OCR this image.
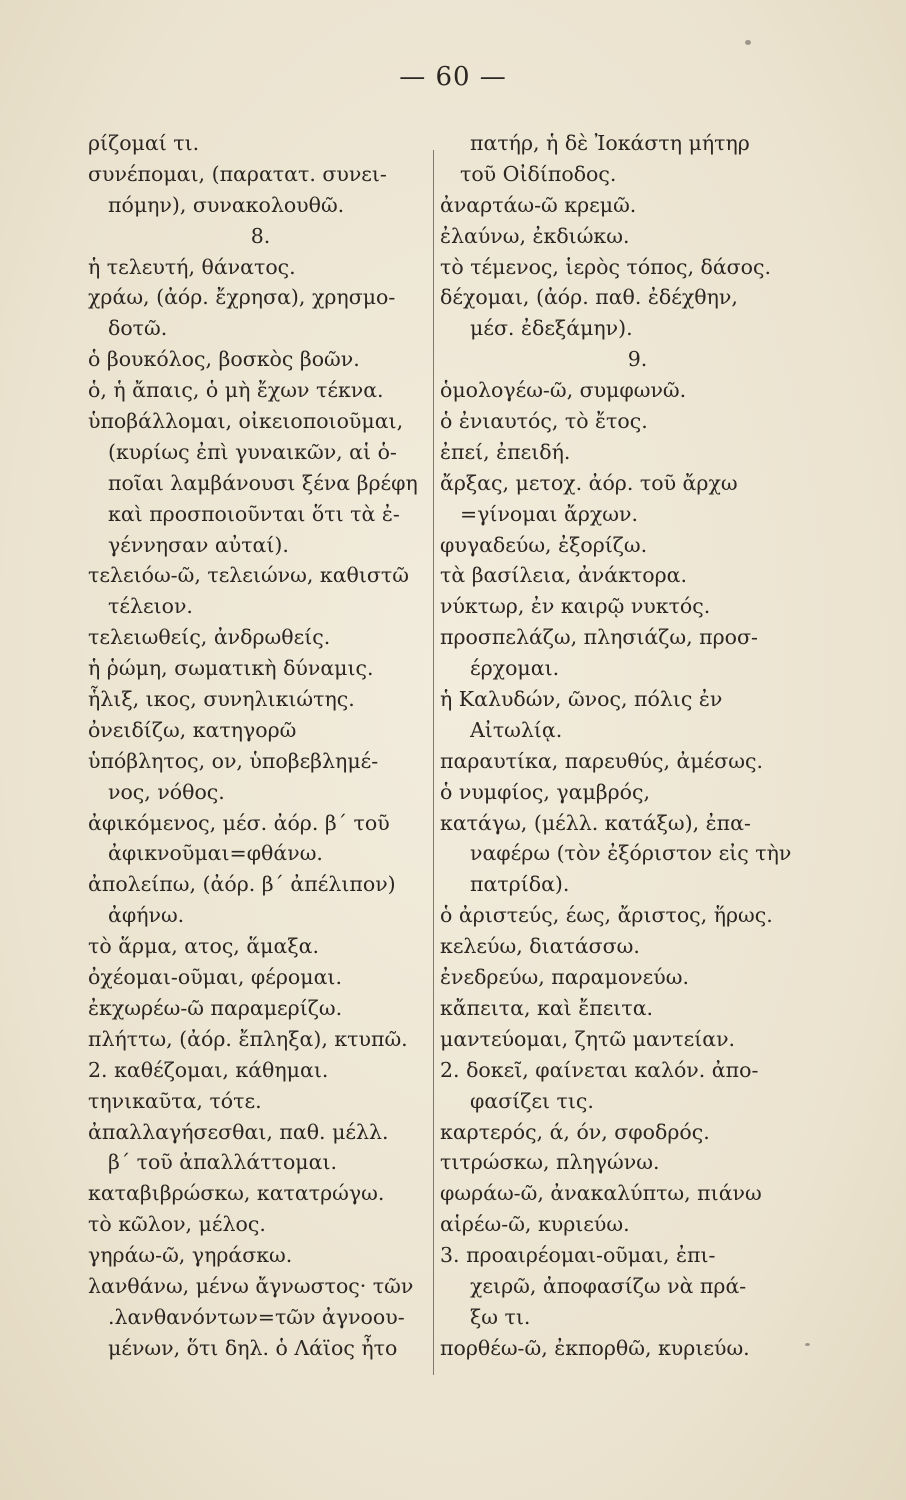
— 60 —
ρίζομαί τι.
συνέπομαι, (παρατατ. συνει-
πόμην), συνακολουθῶ.
8.
ἡ τελευτή, θάνατος.
χράω, (ἀόρ. ἔχρησα), χρησμο-
δοτῶ.
ὁ βουκόλος, βοσκὸς βοῶν.
ὁ, ἡ ἄπαις, ὁ μὴ ἔχων τέκνα.
ὑποβάλλομαι, οἰκειοποιοῦμαι,
(κυρίως ἐπὶ γυναικῶν, αἱ ὁ-
ποῖαι λαμβάνουσι ξένα βρέφη
καὶ προσποιοῦνται ὅτι τὰ ἐ-
γέννησαν αὐταί).
τελειόω-ῶ, τελειώνω, καθιστῶ
τέλειον.
τελειωθείς, ἀνδρωθείς.
ἡ ῥώμη, σωματικὴ δύναμις.
ἧλιξ, ικος, συνηλικιώτης.
ὀνειδίζω, κατηγορῶ
ὑπόβλητος, ον, ὑποβεβλημέ-
νος, νόθος.
ἀφικόμενος, μέσ. ἀόρ. β΄ τοῦ
ἀφικνοῦμαι=φθάνω.
ἀπολείπω, (ἀόρ. β΄ ἀπέλιπον)
ἀφήνω.
τὸ ἅρμα, ατος, ἅμαξα.
ὀχέομαι-οῦμαι, φέρομαι.
ἐκχωρέω-ῶ παραμερίζω.
πλήττω, (ἀόρ. ἔπληξα), κτυπῶ.
2. καθέζομαι, κάθημαι.
τηνικαῦτα, τότε.
ἀπαλλαγήσεσθαι, παθ. μέλλ.
β΄ τοῦ ἀπαλλάττομαι.
καταβιβρώσκω, κατατρώγω.
τὸ κῶλον, μέλος.
γηράω-ῶ, γηράσκω.
λανθάνω, μένω ἄγνωστος· τῶν
.λανθανόντων=τῶν ἀγνοου-
μένων, ὅτι δηλ. ὁ Λάϊος ἦτο
πατήρ, ἡ δὲ Ἰοκάστη μήτηρ
τοῦ Οἰδίποδος.
ἀναρτάω-ῶ κρεμῶ.
ἐλαύνω, ἐκδιώκω.
τὸ τέμενος, ἱερὸς τόπος, δάσος.
δέχομαι, (ἀόρ. παθ. ἐδέχθην,
μέσ. ἐδεξάμην).
9.
ὁμολογέω-ῶ, συμφωνῶ.
ὁ ἐνιαυτός, τὸ ἔτος.
ἐπεί, ἐπειδή.
ἄρξας, μετοχ. ἀόρ. τοῦ ἄρχω
=γίνομαι ἄρχων.
φυγαδεύω, ἐξορίζω.
τὰ βασίλεια, ἀνάκτορα.
νύκτωρ, ἐν καιρῷ νυκτός.
προσπελάζω, πλησιάζω, προσ-
έρχομαι.
ἡ Καλυδών, ῶνος, πόλις ἐν
Αἰτωλίᾳ.
παραυτίκα, παρευθύς, ἀμέσως.
ὁ νυμφίος, γαμβρός,
κατάγω, (μέλλ. κατάξω), ἐπα-
ναφέρω (τὸν ἐξόριστον εἰς τὴν
πατρίδα).
ὁ ἀριστεύς, έως, ἄριστος, ἥρως.
κελεύω, διατάσσω.
ἐνεδρεύω, παραμονεύω.
κἄπειτα, καὶ ἔπειτα.
μαντεύομαι, ζητῶ μαντείαν.
2. δοκεῖ, φαίνεται καλόν. ἀπο-
φασίζει τις.
καρτερός, ά, όν, σφοδρός.
τιτρώσκω, πληγώνω.
φωράω-ῶ, ἀνακαλύπτω, πιάνω
αἱρέω-ῶ, κυριεύω.
3. προαιρέομαι-οῦμαι, ἐπι-
χειρῶ, ἀποφασίζω νὰ πρά-
ξω τι.
πορθέω-ῶ, ἐκπορθῶ, κυριεύω.
